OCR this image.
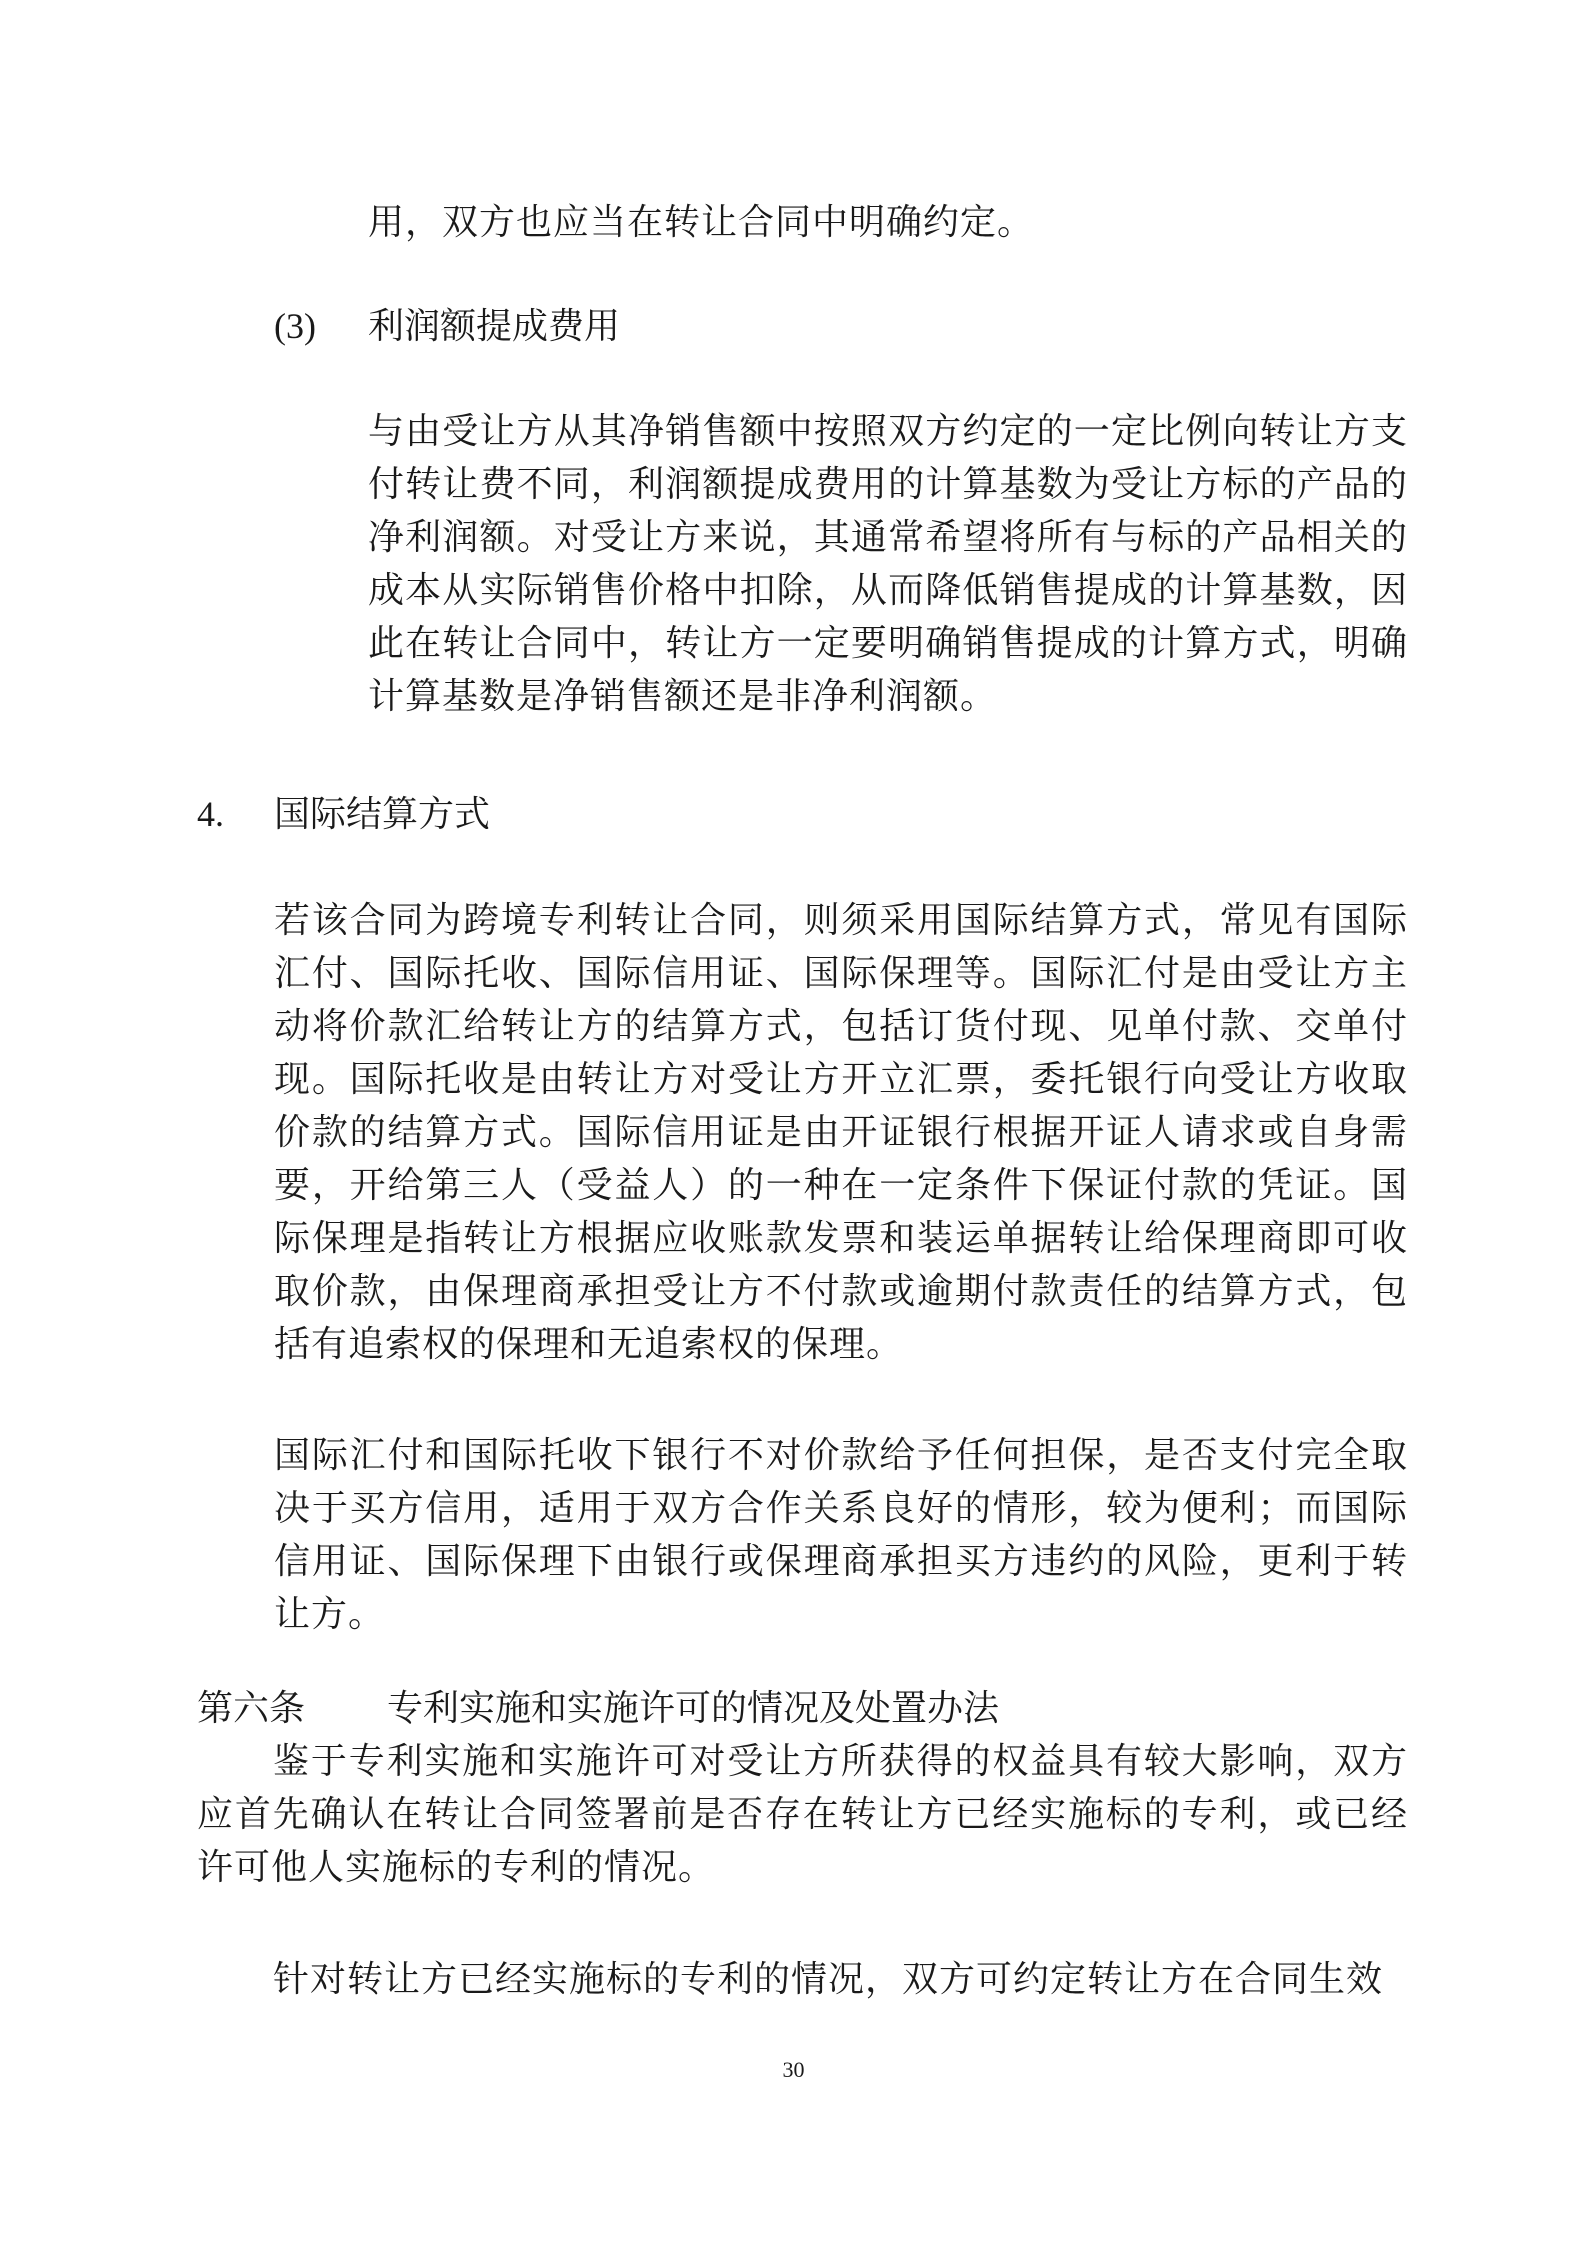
用，双方也应当在转让合同中明确约定。

(3) 利润额提成费用

与由受让方从其净销售额中按照双方约定的一定比例向转让方支付转让费不同，利润额提成费用的计算基数为受让方标的产品的净利润额。对受让方来说，其通常希望将所有与标的产品相关的成本从实际销售价格中扣除，从而降低销售提成的计算基数，因此在转让合同中，转让方一定要明确销售提成的计算方式，明确计算基数是净销售额还是非净利润额。

4. 国际结算方式

若该合同为跨境专利转让合同，则须采用国际结算方式，常见有国际汇付、国际托收、国际信用证、国际保理等。国际汇付是由受让方主动将价款汇给转让方的结算方式，包括订货付现、见单付款、交单付现。国际托收是由转让方对受让方开立汇票，委托银行向受让方收取价款的结算方式。国际信用证是由开证银行根据开证人请求或自身需要，开给第三人（受益人）的一种在一定条件下保证付款的凭证。国际保理是指转让方根据应收账款发票和装运单据转让给保理商即可收取价款，由保理商承担受让方不付款或逾期付款责任的结算方式，包括有追索权的保理和无追索权的保理。

国际汇付和国际托收下银行不对价款给予任何担保，是否支付完全取决于买方信用，适用于双方合作关系良好的情形，较为便利；而国际信用证、国际保理下由银行或保理商承担买方违约的风险，更利于转让方。

第六条 专利实施和实施许可的情况及处置办法

鉴于专利实施和实施许可对受让方所获得的权益具有较大影响，双方应首先确认在转让合同签署前是否存在转让方已经实施标的专利，或已经许可他人实施标的专利的情况。

针对转让方已经实施标的专利的情况，双方可约定转让方在合同生效

30
